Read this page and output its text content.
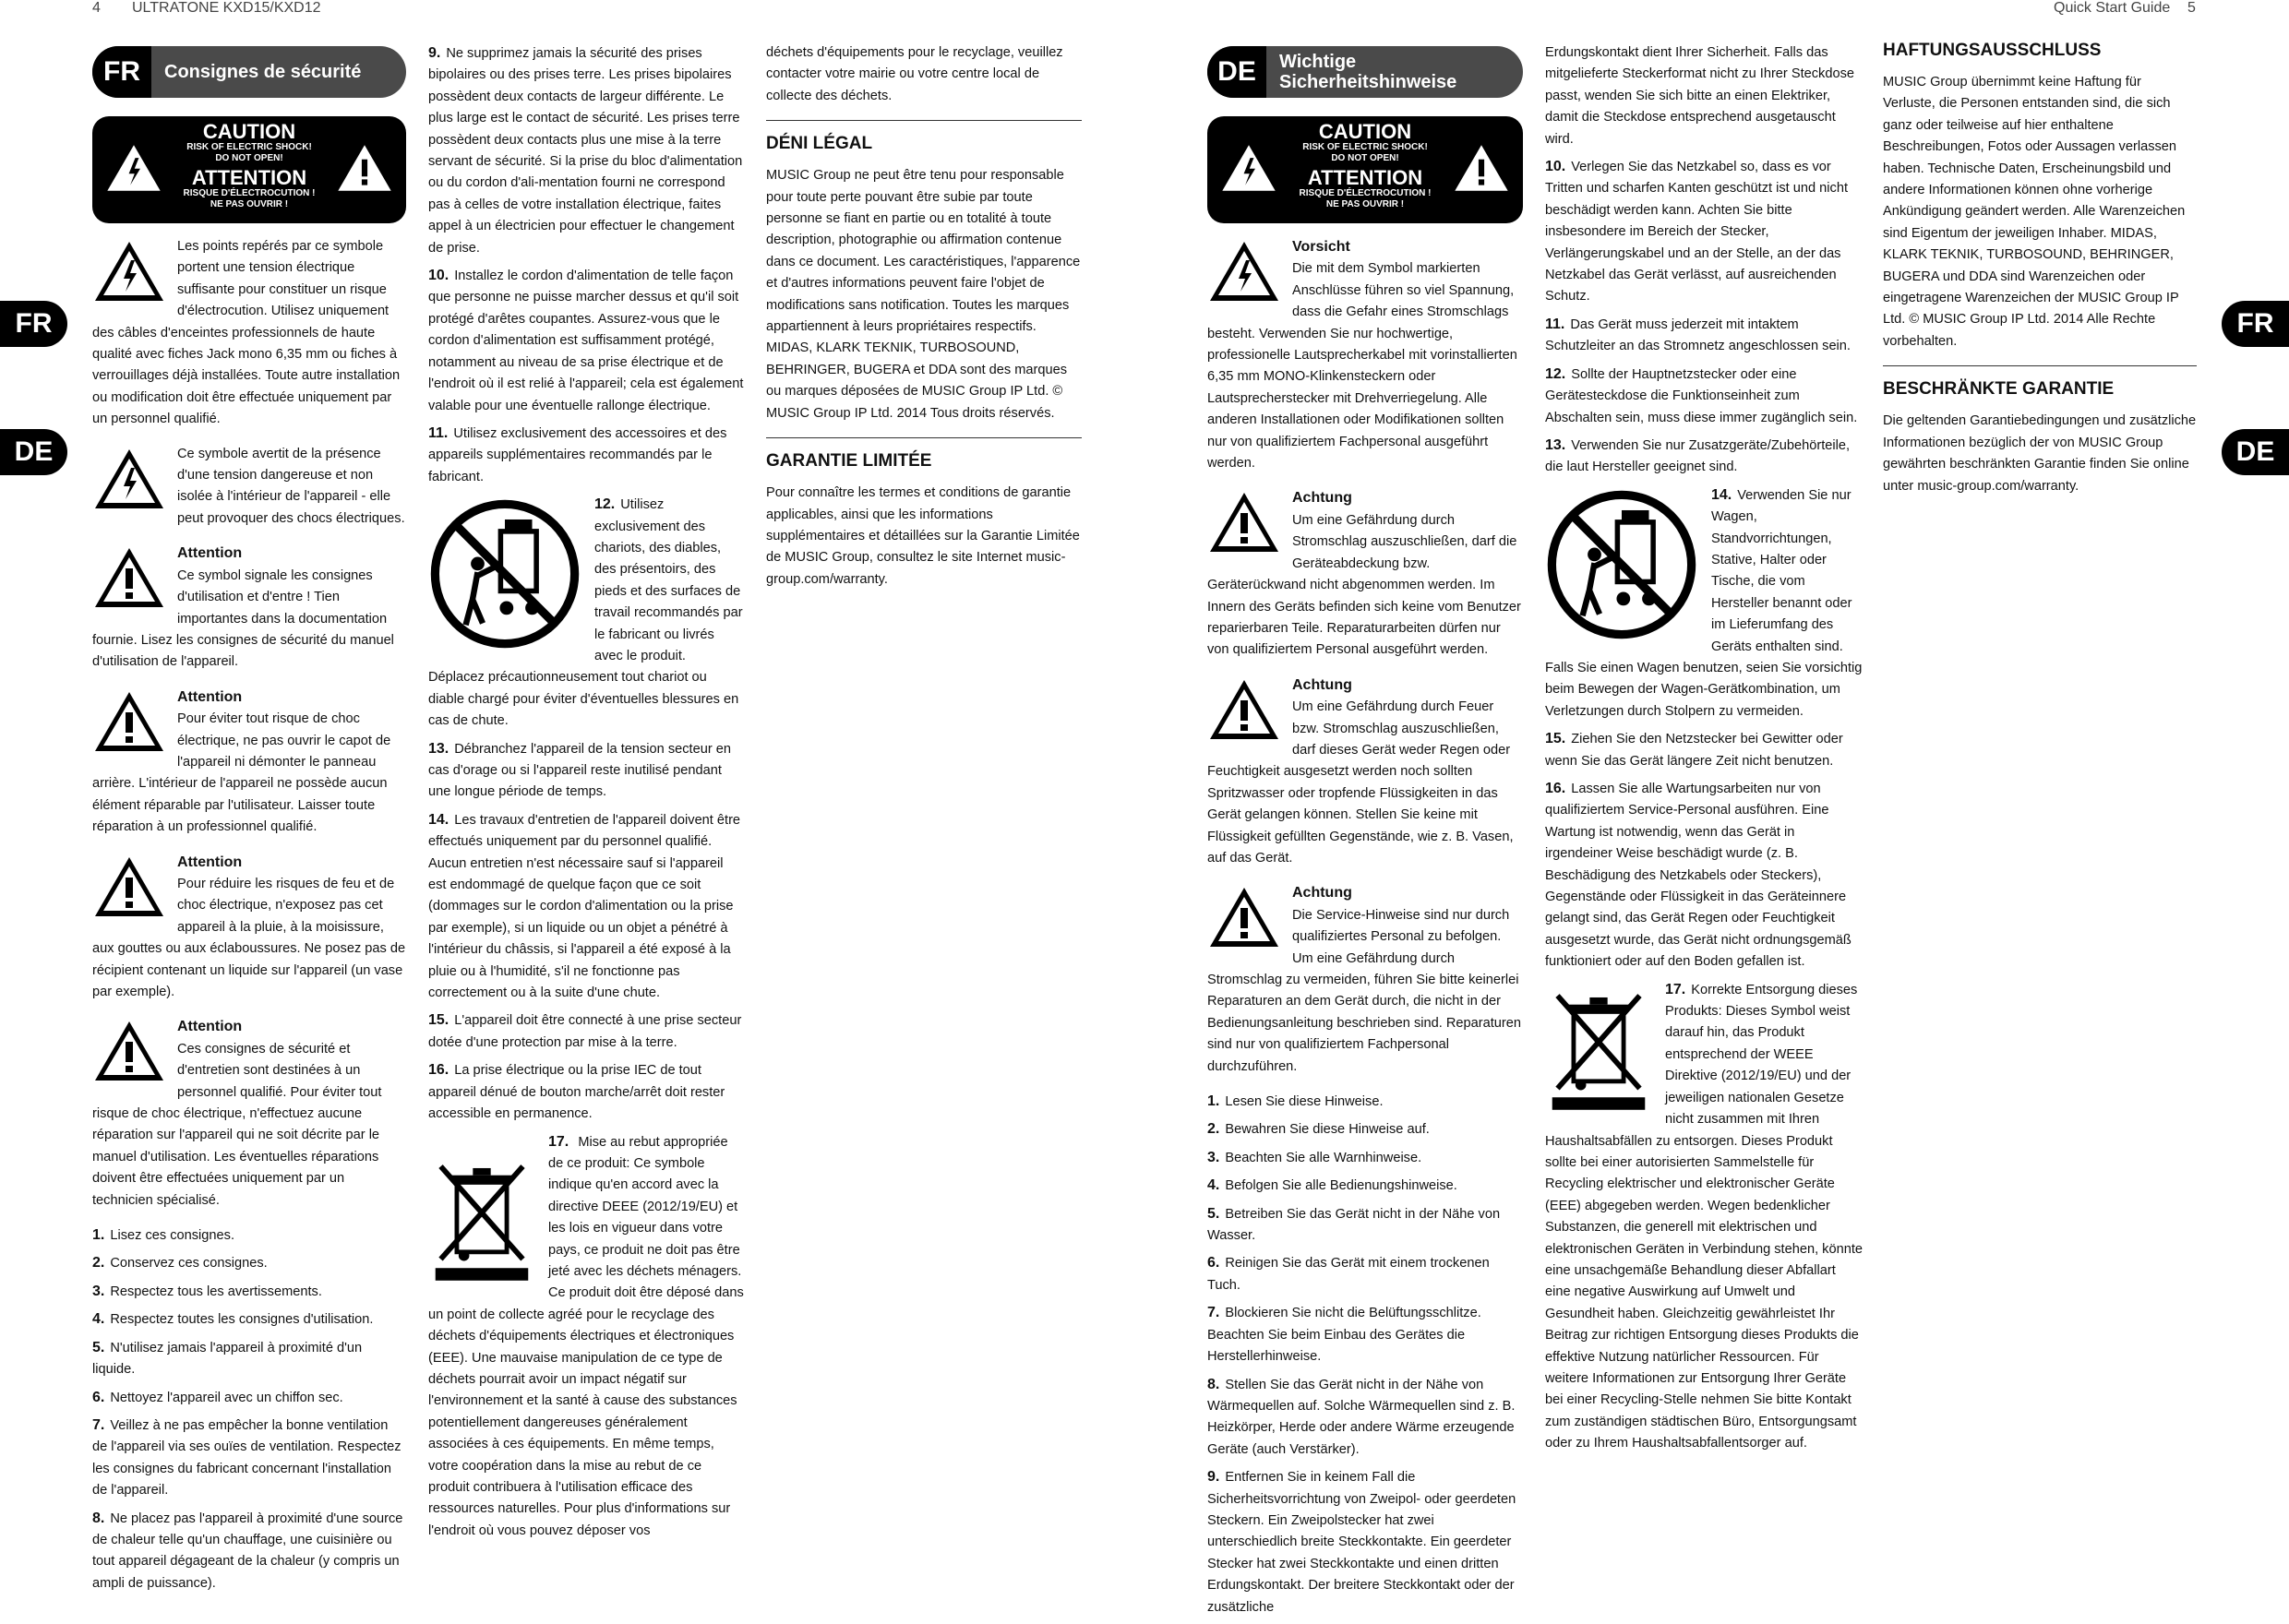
4 ULTRATONE KXD15/KXD12	Quick Start Guide 5
FR
DE
FR
DE
FR	Consignes de sécurité
CAUTION
RISK OF ELECTRIC SHOCK!
DO NOT OPEN!
ATTENTION
RISQUE D'ÉLECTROCUTION !
NE PAS OUVRIR !
Les points repérés par ce symbole portent une tension électrique suffisante pour constituer un risque d'électrocution. Utilisez uniquement des câbles d'enceintes professionnels de haute qualité avec fiches Jack mono 6,35 mm ou fiches à verrouillages déjà installées. Toute autre installation ou modification doit être effectuée uniquement par un personnel qualifié.
Ce symbole avertit de la présence d'une tension dangereuse et non isolée à l'intérieur de l'appareil - elle peut provoquer des chocs électriques.
Attention
Ce symbol signale les consignes d'utilisation et d'entre ! Tien importantes dans la documentation fournie. Lisez les consignes de sécurité du manuel d'utilisation de l'appareil.
Attention
Pour éviter tout risque de choc électrique, ne pas ouvrir le capot de l'appareil ni démonter le panneau arrière. L'intérieur de l'appareil ne possède aucun élément réparable par l'utilisateur. Laisser toute réparation à un professionnel qualifié.
Attention
Pour réduire les risques de feu et de choc électrique, n'exposez pas cet appareil à la pluie, à la moisissure, aux gouttes ou aux éclaboussures. Ne posez pas de récipient contenant un liquide sur l'appareil (un vase par exemple).
Attention
Ces consignes de sécurité et d'entretien sont destinées à un personnel qualifié. Pour éviter tout risque de choc électrique, n'effectuez aucune réparation sur l'appareil qui ne soit décrite par le manuel d'utilisation. Les éventuelles réparations doivent être effectuées uniquement par un technicien spécialisé.
1. Lisez ces consignes.
2. Conservez ces consignes.
3. Respectez tous les avertissements.
4. Respectez toutes les consignes d'utilisation.
5. N'utilisez jamais l'appareil à proximité d'un liquide.
6. Nettoyez l'appareil avec un chiffon sec.
7. Veillez à ne pas empêcher la bonne ventilation de l'appareil via ses ouïes de ventilation. Respectez les consignes du fabricant concernant l'installation de l'appareil.
8. Ne placez pas l'appareil à proximité d'une source de chaleur telle qu'un chauffage, une cuisinière ou tout appareil dégageant de la chaleur (y compris un ampli de puissance).

9. Ne supprimez jamais la sécurité des prises bipolaires ou des prises terre. Les prises bipolaires possèdent deux contacts de largeur différente. Le plus large est le contact de sécurité. Les prises terre possèdent deux contacts plus une mise à la terre servant de sécurité. Si la prise du bloc d'alimentation ou du cordon d'ali-mentation fourni ne correspond pas à celles de votre installation électrique, faites appel à un électricien pour effectuer le changement de prise.

10. Installez le cordon d'alimentation de telle façon que personne ne puisse marcher dessus et qu'il soit protégé d'arêtes coupantes. Assurez-vous que le cordon d'alimentation est suffisamment protégé, notamment au niveau de sa prise électrique et de l'endroit où il est relié à l'appareil; cela est également valable pour une éventuelle rallonge électrique.

11. Utilisez exclusivement des accessoires et des appareils supplémentaires recommandés par le fabricant.

12. Utilisez exclusivement des chariots, des diables, des présentoirs, des pieds et des surfaces de travail recommandés par le fabricant ou livrés avec le produit. Déplacez précautionneusement tout chariot ou diable chargé pour éviter d'éventuelles blessures en cas de chute.

13. Débranchez l'appareil de la tension secteur en cas d'orage ou si l'appareil reste inutilisé pendant une longue période de temps.

14. Les travaux d'entretien de l'appareil doivent être effectués uniquement par du personnel qualifié. Aucun entretien n'est nécessaire sauf si l'appareil est endommagé de quelque façon que ce soit (dommages sur le cordon d'alimentation ou la prise par exemple), si un liquide ou un objet a pénétré à l'intérieur du châssis, si l'appareil a été exposé à la pluie ou à l'humidité, s'il ne fonctionne pas correctement ou à la suite d'une chute.

15. L'appareil doit être connecté à une prise secteur dotée d'une protection par mise à la terre.

16. La prise électrique ou la prise IEC de tout appareil dénué de bouton marche/arrêt doit rester accessible en permanence.

17. Mise au rebut appropriée de ce produit: Ce symbole indique qu'en accord avec la directive DEEE (2012/19/EU) et les lois en vigueur dans votre pays, ce produit ne doit pas être jeté avec les déchets ménagers. Ce produit doit être déposé dans un point de collecte agréé pour le recyclage des déchets d'équipements électriques et électroniques (EEE). Une mauvaise manipulation de ce type de déchets pourrait avoir un impact négatif sur l'environnement et la santé à cause des substances potentiellement dangereuses généralement associées à ces équipements. En même temps, votre coopération dans la mise au rebut de ce produit contribuera à l'utilisation efficace des ressources naturelles. Pour plus d'informations sur l'endroit où vous pouvez déposer vos

déchets d'équipements pour le recyclage, veuillez contacter votre mairie ou votre centre local de collecte des déchets.

DÉNI LÉGAL

MUSIC Group ne peut être tenu pour responsable pour toute perte pouvant être subie par toute personne se fiant en partie ou en totalité à toute description, photographie ou affirmation contenue dans ce document. Les caractéristiques, l'apparence et d'autres informations peuvent faire l'objet de modifications sans notification. Toutes les marques appartiennent à leurs propriétaires respectifs. MIDAS, KLARK TEKNIK, TURBOSOUND, BEHRINGER, BUGERA et DDA sont des marques ou marques déposées de MUSIC Group IP Ltd. © MUSIC Group IP Ltd. 2014 Tous droits réservés.

GARANTIE LIMITÉE

Pour connaître les termes et conditions de garantie applicables, ainsi que les informations supplémentaires et détaillées sur la Garantie Limitée de MUSIC Group, consultez le site Internet music-group.com/warranty.

DE	Wichtige
Sicherheitshinweise
CAUTION
RISK OF ELECTRIC SHOCK!
DO NOT OPEN!
ATTENTION
RISQUE D'ÉLECTROCUTION !
NE PAS OUVRIR !
Vorsicht
Die mit dem Symbol markierten Anschlüsse führen so viel Spannung, dass die Gefahr eines Stromschlags besteht. Verwenden Sie nur hochwertige, professionelle Lautsprecherkabel mit vorinstallierten 6,35 mm MONO-Klinkensteckern oder Lautsprecherstecker mit Drehverriegelung. Alle anderen Installationen oder Modifikationen sollten nur von qualifiziertem Fachpersonal ausgeführt werden.
Achtung
Um eine Gefährdung durch Stromschlag auszuschließen, darf die Geräteabdeckung bzw. Geräterückwand nicht abgenommen werden. Im Innern des Geräts befinden sich keine vom Benutzer reparierbaren Teile. Reparaturarbeiten dürfen nur von qualifiziertem Personal ausgeführt werden.
Achtung
Um eine Gefährdung durch Feuer bzw. Stromschlag auszuschließen, darf dieses Gerät weder Regen oder Feuchtigkeit ausgesetzt werden noch sollten Spritzwasser oder tropfende Flüssigkeiten in das Gerät gelangen können. Stellen Sie keine mit Flüssigkeit gefüllten Gegenstände, wie z. B. Vasen, auf das Gerät.
Achtung
Die Service-Hinweise sind nur durch qualifiziertes Personal zu befolgen. Um eine Gefährdung durch Stromschlag zu vermeiden, führen Sie bitte keinerlei Reparaturen an dem Gerät durch, die nicht in der Bedienungsanleitung beschrieben sind. Reparaturen sind nur von qualifiziertem Fachpersonal durchzuführen.
1. Lesen Sie diese Hinweise.
2. Bewahren Sie diese Hinweise auf.
3. Beachten Sie alle Warnhinweise.
4. Befolgen Sie alle Bedienungshinweise.
5. Betreiben Sie das Gerät nicht in der Nähe von Wasser.
6. Reinigen Sie das Gerät mit einem trockenen Tuch.
7. Blockieren Sie nicht die Belüftungsschlitze. Beachten Sie beim Einbau des Gerätes die Herstellerhinweise.
8. Stellen Sie das Gerät nicht in der Nähe von Wärmequellen auf. Solche Wärmequellen sind z. B. Heizkörper, Herde oder andere Wärme erzeugende Geräte (auch Verstärker).
9. Entfernen Sie in keinem Fall die Sicherheitsvorrichtung von Zweipol- oder geerdeten Steckern. Ein Zweipolstecker hat zwei unterschiedlich breite Steckkontakte. Ein geerdeter Stecker hat zwei Steckkontakte und einen dritten Erdungskontakt. Der breitere Steckkontakt oder der zusätzliche

Erdungskontakt dient Ihrer Sicherheit. Falls das mitgelieferte Steckerformat nicht zu Ihrer Steckdose passt, wenden Sie sich bitte an einen Elektriker, damit die Steckdose entsprechend ausgetauscht wird.

10. Verlegen Sie das Netzkabel so, dass es vor Tritten und scharfen Kanten geschützt ist und nicht beschädigt werden kann. Achten Sie bitte insbesondere im Bereich der Stecker, Verlängerungskabel und an der Stelle, an der das Netzkabel das Gerät verlässt, auf ausreichenden Schutz.

11. Das Gerät muss jederzeit mit intaktem Schutzleiter an das Stromnetz angeschlossen sein.

12. Sollte der Hauptnetzstecker oder eine Gerätesteckdose die Funktionseinheit zum Abschalten sein, muss diese immer zugänglich sein.

13. Verwenden Sie nur Zusatzgeräte/Zubehörteile, die laut Hersteller geeignet sind.

14. Verwenden Sie nur Wagen, Standvorrichtungen, Stative, Halter oder Tische, die vom Hersteller benannt oder im Lieferumfang des Geräts enthalten sind. Falls Sie einen Wagen benutzen, seien Sie vorsichtig beim Bewegen der Wagen-Gerätkombination, um Verletzungen durch Stolpern zu vermeiden.

15. Ziehen Sie den Netzstecker bei Gewitter oder wenn Sie das Gerät längere Zeit nicht benutzen.

16. Lassen Sie alle Wartungsarbeiten nur von qualifiziertem Service-Personal ausführen. Eine Wartung ist notwendig, wenn das Gerät in irgendeiner Weise beschädigt wurde (z. B. Beschädigung des Netzkabels oder Steckers), Gegenstände oder Flüssigkeit in das Geräteinnere gelangt sind, das Gerät Regen oder Feuchtigkeit ausgesetzt wurde, das Gerät nicht ordnungsgemäß funktioniert oder auf den Boden gefallen ist.

17. Korrekte Entsorgung dieses Produkts: Dieses Symbol weist darauf hin, das Produkt entsprechend der WEEE Direktive (2012/19/EU) und der jeweiligen nationalen Gesetze nicht zusammen mit Ihren Haushaltsabfällen zu entsorgen. Dieses Produkt sollte bei einer autorisierten Sammelstelle für Recycling elektrischer und elektronischer Geräte (EEE) abgegeben werden. Wegen bedenklicher Substanzen, die generell mit elektrischen und elektronischen Geräten in Verbindung stehen, könnte eine unsachgemäße Behandlung dieser Abfallart eine negative Auswirkung auf Umwelt und Gesundheit haben. Gleichzeitig gewährleistet Ihr Beitrag zur richtigen Entsorgung dieses Produkts die effektive Nutzung natürlicher Ressourcen. Für weitere Informationen zur Entsorgung Ihrer Geräte bei einer Recycling-Stelle nehmen Sie bitte Kontakt zum zuständigen städtischen Büro, Entsorgungsamt oder zu Ihrem Haushaltsabfallentsorger auf.

HAFTUNGSAUSSCHLUSS

MUSIC Group übernimmt keine Haftung für Verluste, die Personen entstanden sind, die sich ganz oder teilweise auf hier enthaltene Beschreibungen, Fotos oder Aussagen verlassen haben. Technische Daten, Erscheinungsbild und andere Informationen können ohne vorherige Ankündigung geändert werden. Alle Warenzeichen sind Eigentum der jeweiligen Inhaber. MIDAS, KLARK TEKNIK, TURBOSOUND, BEHRINGER, BUGERA und DDA sind Warenzeichen oder eingetragene Warenzeichen der MUSIC Group IP Ltd. © MUSIC Group IP Ltd. 2014 Alle Rechte vorbehalten.

BESCHRÄNKTE GARANTIE

Die geltenden Garantiebedingungen und zusätzliche Informationen bezüglich der von MUSIC Group gewährten beschränkten Garantie finden Sie online unter music-group.com/warranty.
